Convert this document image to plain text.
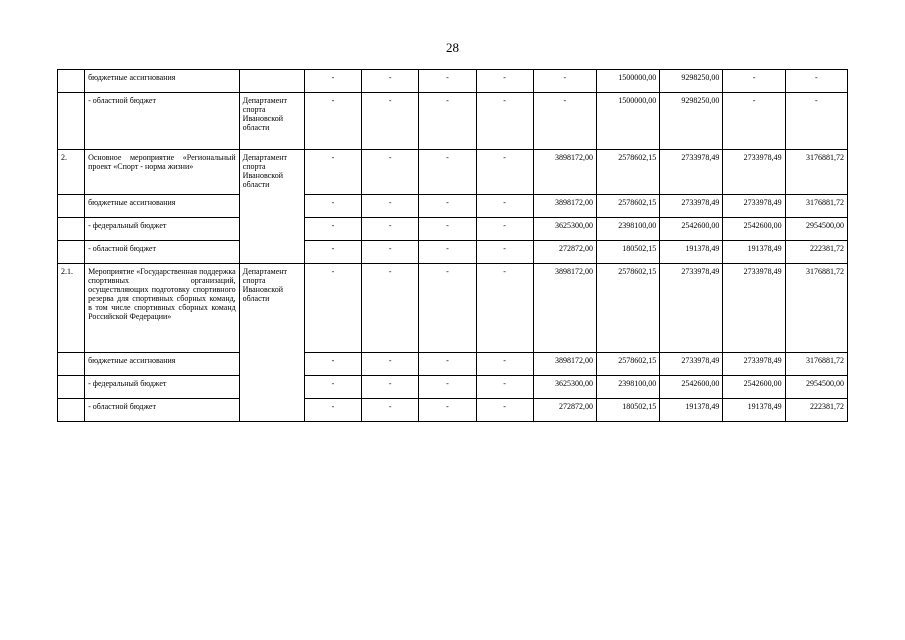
28
	бюджетные ассигнования		-	-	-	-	-	1500000,00	9298250,00	-	-
	- областной бюджет	Департамент спорта Ивановской области	-	-	-	-	-	1500000,00	9298250,00	-	-
2.	Основное мероприятие «Региональный проект «Спорт - норма жизни»	Департамент спорта Ивановской области	-	-	-	-	3898172,00	2578602,15	2733978,49	2733978,49	3176881,72
	бюджетные ассигнования		-	-	-	-	3898172,00	2578602,15	2733978,49	2733978,49	3176881,72
	- федеральный бюджет		-	-	-	-	3625300,00	2398100,00	2542600,00	2542600,00	2954500,00
	- областной бюджет		-	-	-	-	272872,00	180502,15	191378,49	191378,49	222381,72
2.1.	Мероприятие «Государственная поддержка спортивных организаций, осуществляющих подготовку спортивного резерва для спортивных сборных команд, в том числе спортивных сборных команд Российской Федерации»	Департамент спорта Ивановской области	-	-	-	-	3898172,00	2578602,15	2733978,49	2733978,49	3176881,72
	бюджетные ассигнования		-	-	-	-	3898172,00	2578602,15	2733978,49	2733978,49	3176881,72
	- федеральный бюджет		-	-	-	-	3625300,00	2398100,00	2542600,00	2542600,00	2954500,00
	- областной бюджет		-	-	-	-	272872,00	180502,15	191378,49	191378,49	222381,72
